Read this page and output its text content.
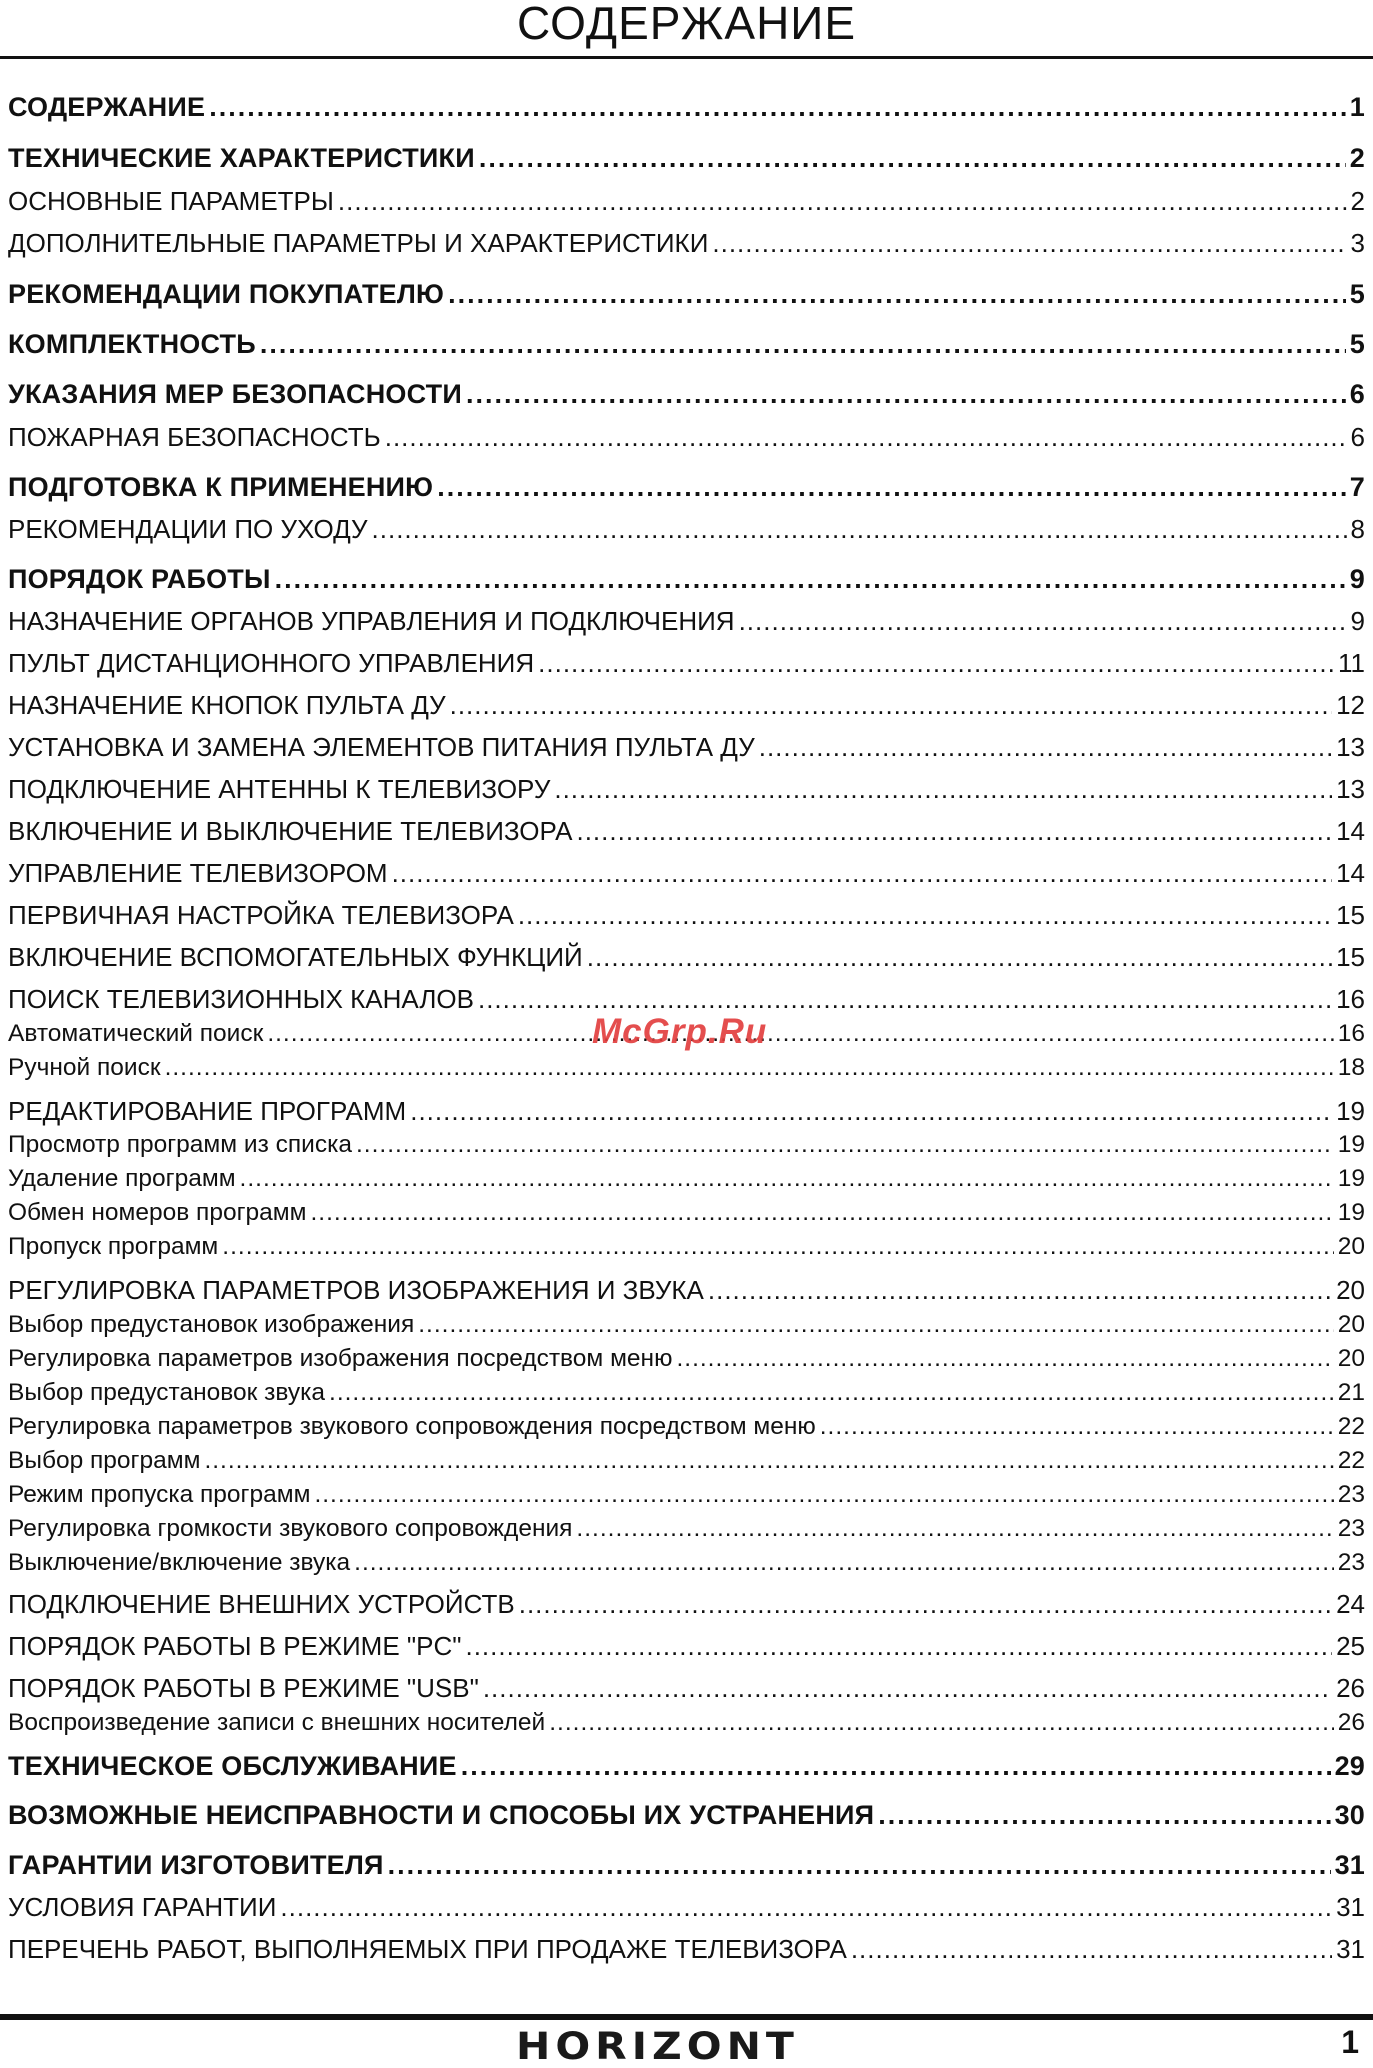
СОДЕРЖАНИЕ
СОДЕРЖАНИЕ .....	1
ТЕХНИЧЕСКИЕ ХАРАКТЕРИСТИКИ .....	2
ОСНОВНЫЕ ПАРАМЕТРЫ .....	2
ДОПОЛНИТЕЛЬНЫЕ ПАРАМЕТРЫ И ХАРАКТЕРИСТИКИ .....	3
РЕКОМЕНДАЦИИ ПОКУПАТЕЛЮ .....	5
КОМПЛЕКТНОСТЬ .....	5
УКАЗАНИЯ МЕР БЕЗОПАСНОСТИ .....	6
ПОЖАРНАЯ БЕЗОПАСНОСТЬ .....	6
ПОДГОТОВКА К ПРИМЕНЕНИЮ .....	7
РЕКОМЕНДАЦИИ ПО УХОДУ .....	8
ПОРЯДОК РАБОТЫ .....	9
НАЗНАЧЕНИЕ ОРГАНОВ УПРАВЛЕНИЯ И ПОДКЛЮЧЕНИЯ .....	9
ПУЛЬТ ДИСТАНЦИОННОГО УПРАВЛЕНИЯ .....	11
НАЗНАЧЕНИЕ КНОПОК ПУЛЬТА ДУ .....	12
УСТАНОВКА И ЗАМЕНА ЭЛЕМЕНТОВ ПИТАНИЯ ПУЛЬТА ДУ .....	13
ПОДКЛЮЧЕНИЕ АНТЕННЫ К ТЕЛЕВИЗОРУ .....	13
ВКЛЮЧЕНИЕ И ВЫКЛЮЧЕНИЕ ТЕЛЕВИЗОРА .....	14
УПРАВЛЕНИЕ ТЕЛЕВИЗОРОМ .....	14
ПЕРВИЧНАЯ НАСТРОЙКА ТЕЛЕВИЗОРА .....	15
ВКЛЮЧЕНИЕ ВСПОМОГАТЕЛЬНЫХ ФУНКЦИЙ .....	15
ПОИСК ТЕЛЕВИЗИОННЫХ КАНАЛОВ .....	16
Автоматический поиск .....	16
Ручной поиск .....	18
РЕДАКТИРОВАНИЕ ПРОГРАММ .....	19
Просмотр программ из списка .....	19
Удаление программ .....	19
Обмен номеров программ .....	19
Пропуск программ .....	20
РЕГУЛИРОВКА ПАРАМЕТРОВ ИЗОБРАЖЕНИЯ И ЗВУКА .....	20
Выбор предустановок изображения .....	20
Регулировка параметров изображения посредством меню .....	20
Выбор предустановок звука .....	21
Регулировка параметров звукового сопровождения посредством меню .....	22
Выбор программ .....	22
Режим пропуска программ .....	23
Регулировка громкости звукового сопровождения .....	23
Выключение/включение звука .....	23
ПОДКЛЮЧЕНИЕ ВНЕШНИХ УСТРОЙСТВ .....	24
ПОРЯДОК РАБОТЫ В РЕЖИМЕ "PC" .....	25
ПОРЯДОК РАБОТЫ В РЕЖИМЕ "USB" .....	26
Воспроизведение записи с внешних носителей .....	26
ТЕХНИЧЕСКОЕ ОБСЛУЖИВАНИЕ .....	29
ВОЗМОЖНЫЕ НЕИСПРАВНОСТИ И СПОСОБЫ ИХ УСТРАНЕНИЯ .....	30
ГАРАНТИИ ИЗГОТОВИТЕЛЯ .....	31
УСЛОВИЯ ГАРАНТИИ .....	31
ПЕРЕЧЕНЬ РАБОТ, ВЫПОЛНЯЕМЫХ ПРИ ПРОДАЖЕ ТЕЛЕВИЗОРА .....	31
McGrp.Ru
HORIZONT	1
